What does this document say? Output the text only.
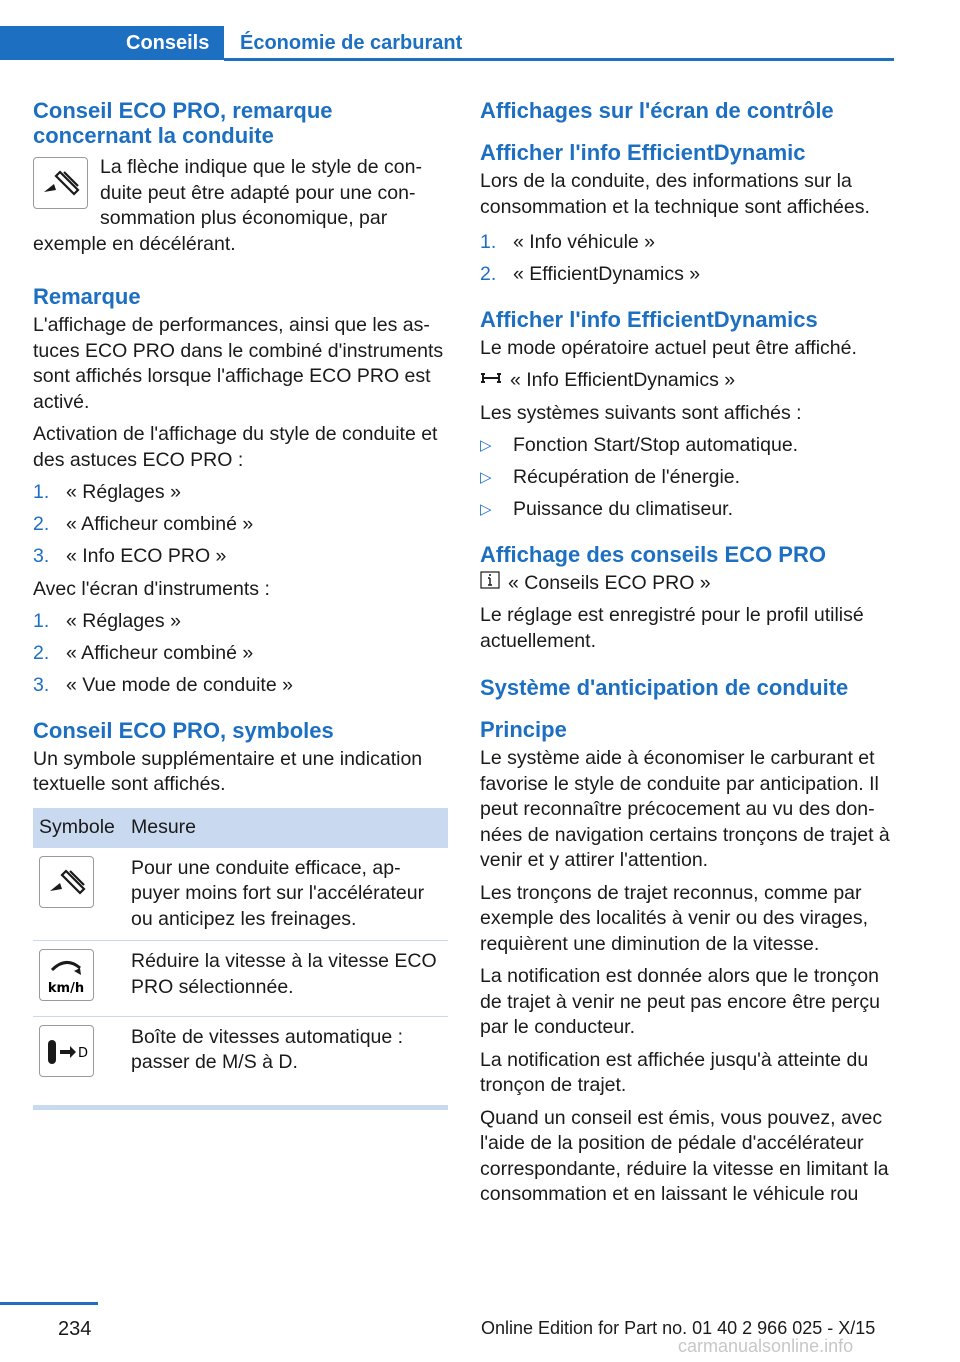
Conseils	Économie de carburant
Conseil ECO PRO, remarque concernant la conduite

La flèche indique que le style de conduite peut être adapté pour une consommation plus économique, par exemple en décélérant.

Remarque

L'affichage de performances, ainsi que les astuces ECO PRO dans le combiné d'instruments sont affichés lorsque l'affichage ECO PRO est activé.

Activation de l'affichage du style de conduite et des astuces ECO PRO :

1. « Réglages »
2. « Afficheur combiné »
3. « Info ECO PRO »

Avec l'écran d'instruments :

1. « Réglages »
2. « Afficheur combiné »
3. « Vue mode de conduite »
Conseil ECO PRO, symboles

Un symbole supplémentaire et une indication textuelle sont affichés.

Symbole	Mesure
	Pour une conduite efficace, appuyer moins fort sur l'accélérateur ou anticipez les freinages.

km/h	Réduire la vitesse à la vitesse ECO PRO sélectionnée.

D	Boîte de vitesses automatique : passer de M/S à D.
Affichages sur l'écran de contrôle
Afficher l'info EfficientDynamic

Lors de la conduite, des informations sur la consommation et la technique sont affichées.

1. « Info véhicule »
2. « EfficientDynamics »
Afficher l'info EfficientDynamics

Le mode opératoire actuel peut être affiché.

« Info EfficientDynamics »

Les systèmes suivants sont affichés :

▷ Fonction Start/Stop automatique.
▷ Récupération de l'énergie.
▷ Puissance du climatiseur.
Affichage des conseils ECO PRO

« Conseils ECO PRO »

Le réglage est enregistré pour le profil utilisé actuellement.

Système d'anticipation de conduite
Principe

Le système aide à économiser le carburant et favorise le style de conduite par anticipation. Il peut reconnaître précocement au vu des données de navigation certains tronçons de trajet à venir et y attirer l'attention.

Les tronçons de trajet reconnus, comme par exemple des localités à venir ou des virages, requièrent une diminution de la vitesse.

La notification est donnée alors que le tronçon de trajet à venir ne peut pas encore être perçu par le conducteur.

La notification est affichée jusqu'à atteinte du tronçon de trajet.

Quand un conseil est émis, vous pouvez, avec l'aide de la position de pédale d'accélérateur correspondante, réduire la vitesse en limitant la consommation et en laissant le véhicule rou

234	Online Edition for Part no. 01 40 2 966 025 - X/15
carmanualsonline.info
